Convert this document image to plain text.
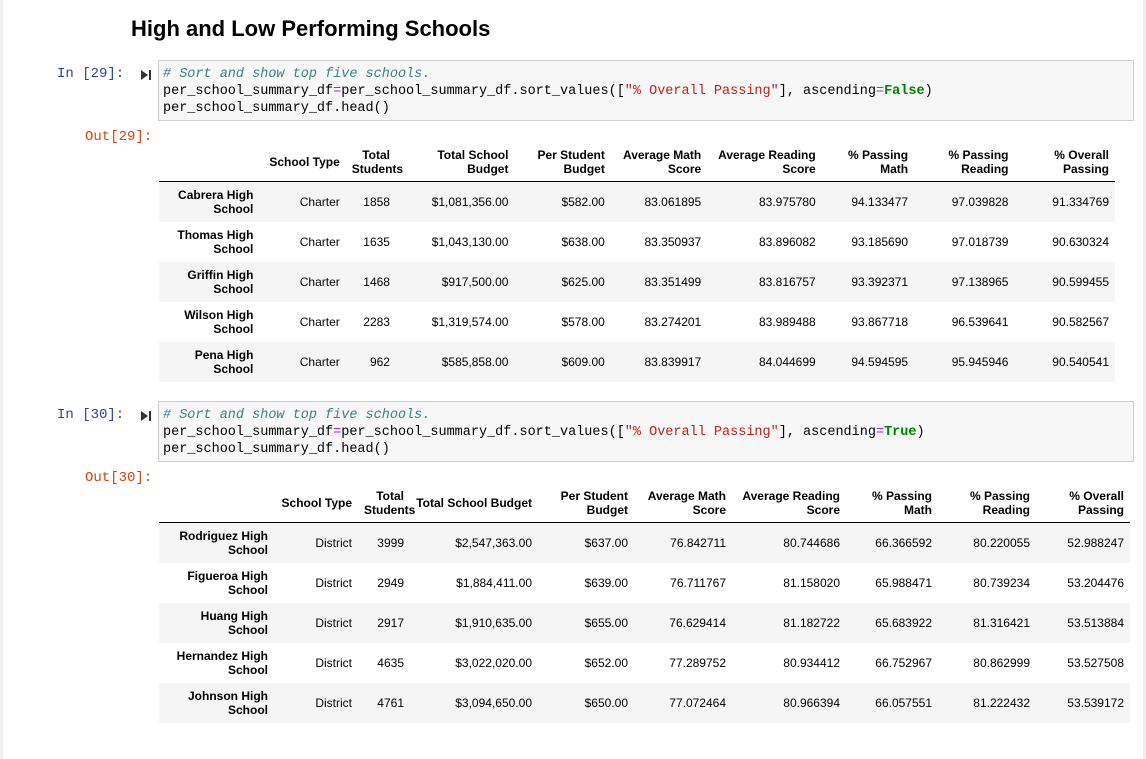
High and Low Performing Schools
In [29]:	# Sort and show top five schools.
per_school_summary_df=per_school_summary_df.sort_values(["% Overall Passing"], ascending=False)
per_school_summary_df.head()
Out[29]:
	School Type	Total Students	Total School Budget	Per Student Budget	Average Math Score	Average Reading Score	% Passing Math	% Passing Reading	% Overall Passing
Cabrera High School	Charter	1858	$1,081,356.00	$582.00	83.061895	83.975780	94.133477	97.039828	91.334769
Thomas High School	Charter	1635	$1,043,130.00	$638.00	83.350937	83.896082	93.185690	97.018739	90.630324
Griffin High School	Charter	1468	$917,500.00	$625.00	83.351499	83.816757	93.392371	97.138965	90.599455
Wilson High School	Charter	2283	$1,319,574.00	$578.00	83.274201	83.989488	93.867718	96.539641	90.582567
Pena High School	Charter	962	$585,858.00	$609.00	83.839917	84.044699	94.594595	95.945946	90.540541
In [30]:	# Sort and show top five schools.
per_school_summary_df=per_school_summary_df.sort_values(["% Overall Passing"], ascending=True)
per_school_summary_df.head()
Out[30]:
	School Type	Total Students	Total School Budget	Per Student Budget	Average Math Score	Average Reading Score	% Passing Math	% Passing Reading	% Overall Passing
Rodriguez High School	District	3999	$2,547,363.00	$637.00	76.842711	80.744686	66.366592	80.220055	52.988247
Figueroa High School	District	2949	$1,884,411.00	$639.00	76.711767	81.158020	65.988471	80.739234	53.204476
Huang High School	District	2917	$1,910,635.00	$655.00	76.629414	81.182722	65.683922	81.316421	53.513884
Hernandez High School	District	4635	$3,022,020.00	$652.00	77.289752	80.934412	66.752967	80.862999	53.527508
Johnson High School	District	4761	$3,094,650.00	$650.00	77.072464	80.966394	66.057551	81.222432	53.539172
